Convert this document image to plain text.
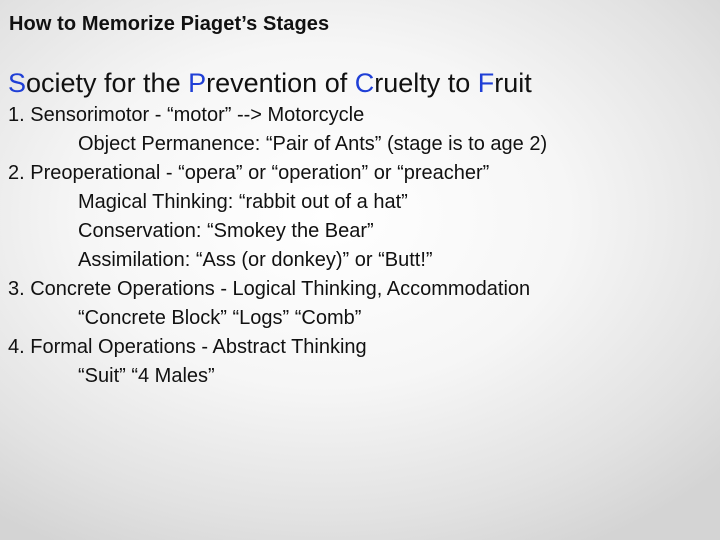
How to Memorize Piaget’s Stages

Society for the Prevention of Cruelty to Fruit

1. Sensorimotor - “motor” --> Motorcycle
Object Permanence: “Pair of Ants” (stage is to age 2)
2. Preoperational - “opera” or “operation” or “preacher”
Magical Thinking: “rabbit out of a hat”
Conservation: “Smokey the Bear”
Assimilation: “Ass (or donkey)” or “Butt!”
3. Concrete Operations - Logical Thinking, Accommodation
“Concrete Block” “Logs” “Comb”
4. Formal Operations - Abstract Thinking
“Suit” “4 Males”
